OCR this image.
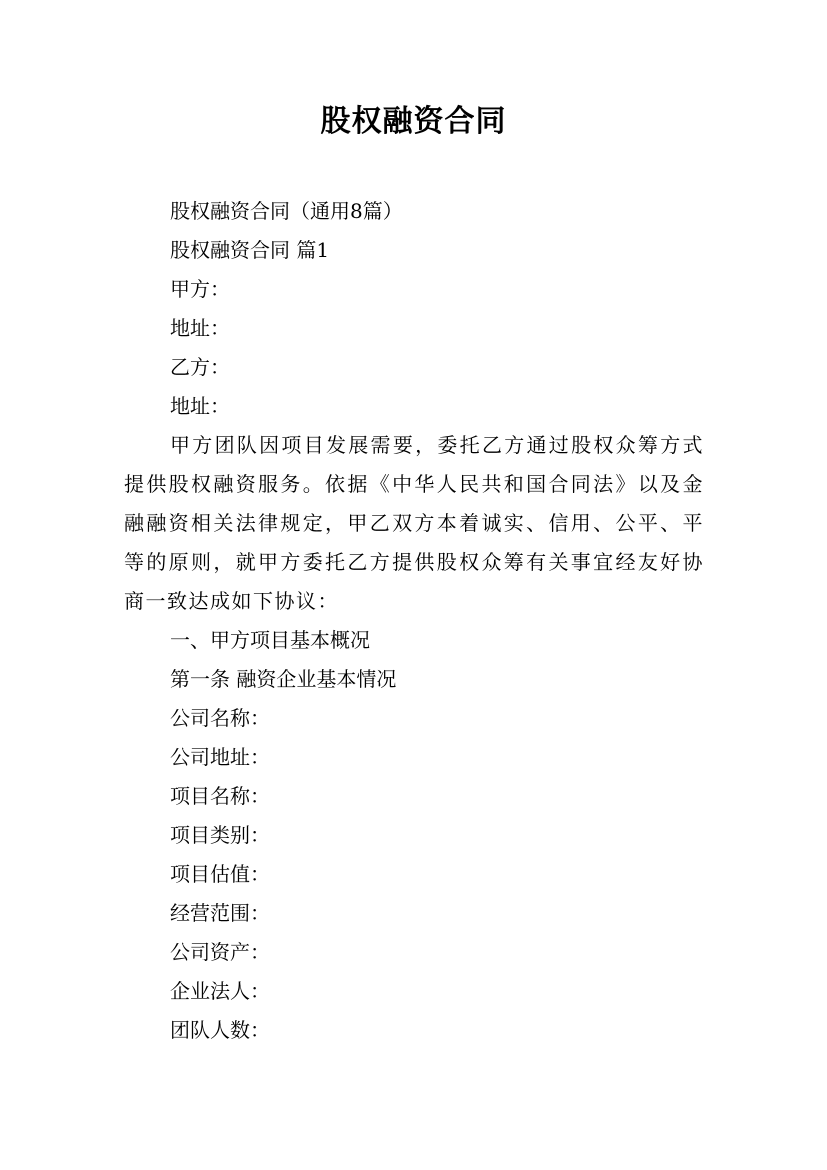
股权融资合同
股权融资合同（通用8篇）
股权融资合同 篇1
甲方：
地址：
乙方：
地址：

甲方团队因项目发展需要，委托乙方通过股权众筹方式提供股权融资服务。依据《中华人民共和国合同法》以及金融融资相关法律规定，甲乙双方本着诚实、信用、公平、平等的原则，就甲方委托乙方提供股权众筹有关事宜经友好协商一致达成如下协议：

一、甲方项目基本概况
第一条 融资企业基本情况
公司名称：
公司地址：
项目名称：
项目类别：
项目估值：
经营范围：
公司资产：
企业法人：
团队人数：
